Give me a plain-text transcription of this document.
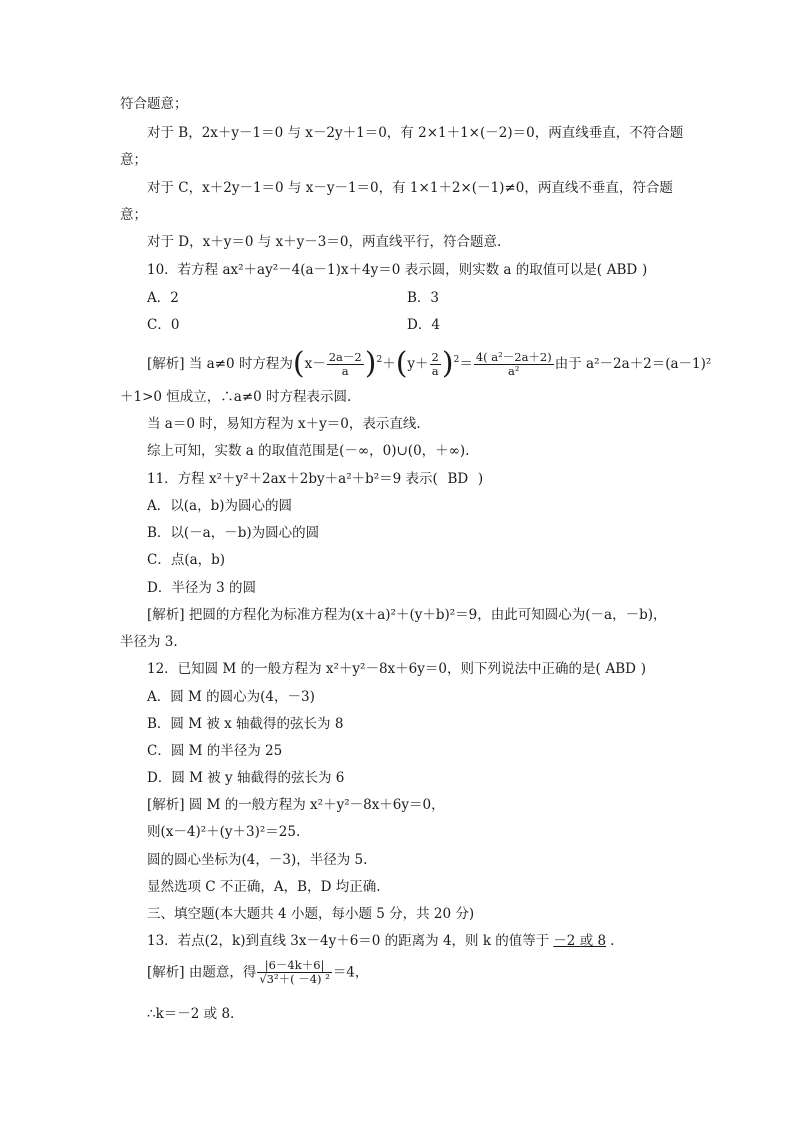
符合题意；
对于 B，2x＋y－1＝0 与 x－2y＋1＝0，有 2×1＋1×(－2)＝0，两直线垂直，不符合题
意；
对于 C，x＋2y－1＝0 与 x－y－1＝0，有 1×1＋2×(－1)≠0，两直线不垂直，符合题
意；
对于 D，x＋y＝0 与 x＋y－3＝0，两直线平行，符合题意.
10．若方程 ax²＋ay²－4(a－1)x＋4y＝0 表示圆，则实数 a 的取值可以是( ABD )
A．2	B．3
C．0	D．4
[解析] 当 a≠0 时方程为$(x- \frac{2a-2}{a} )^2+(y+ \frac{2}{a} )^2= \frac{\text{4( a²－2a＋2)}}{\text{a²}}$ 由于 a²－2a＋2＝(a－1)²
＋1>0 恒成立，∴a≠0 时方程表示圆.
当 a＝0 时，易知方程为 x＋y＝0，表示直线.
综上可知，实数 a 的取值范围是(－∞，0)∪(0，＋∞).
11．方程 x²＋y²＋2ax＋2by＋a²＋b²＝9 表示( BD )
A．以(a，b)为圆心的圆
B．以(－a，－b)为圆心的圆
C．点(a，b)
D．半径为 3 的圆
[解析] 把圆的方程化为标准方程为(x＋a)²＋(y＋b)²＝9，由此可知圆心为(－a，－b)，
半径为 3.
12．已知圆 M 的一般方程为 x²＋y²－8x＋6y＝0，则下列说法中正确的是( ABD )
A．圆 M 的圆心为(4，－3)
B．圆 M 被 x 轴截得的弦长为 8
C．圆 M 的半径为 25
D．圆 M 被 y 轴截得的弦长为 6
[解析] 圆 M 的一般方程为 x²＋y²－8x＋6y＝0，
则(x－4)²＋(y＋3)²＝25.
圆的圆心坐标为(4，－3)，半径为 5.
显然选项 C 不正确，A，B，D 均正确.
三、填空题(本大题共 4 小题，每小题 5 分，共 20 分)
13．若点(2，k)到直线 3x－4y＋6＝0 的距离为 4，则 k 的值等于 －2 或 8 .
[解析] 由题意，得 $\frac{|6-4k+6|}{\text{√3²＋( －4) ²}} =4$，
∴k＝－2 或 8.
